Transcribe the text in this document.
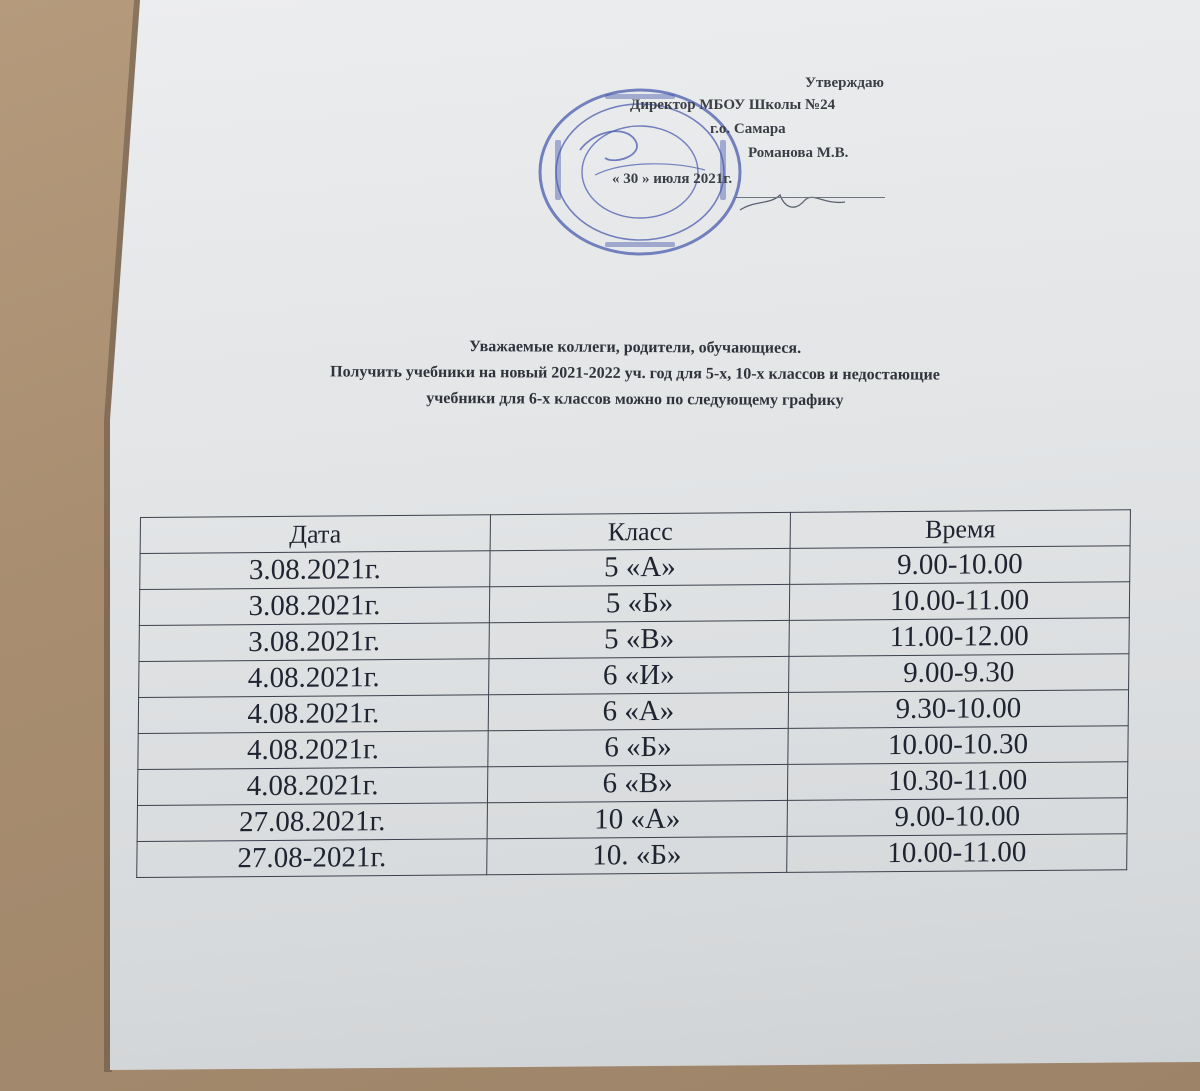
Утверждаю
Директор МБОУ Школы №24
г.о. Самара
Романова М.В.
« 30 » июля 2021г.
Уважаемые коллеги, родители, обучающиеся.
Получить учебники на новый 2021-2022 уч. год для 5-х, 10-х классов и недостающие
учебники для 6-х классов можно по следующему графику
Дата	Класс	Время
3.08.2021г.	5 «А»	9.00-10.00
3.08.2021г.	5 «Б»	10.00-11.00
3.08.2021г.	5 «В»	11.00-12.00
4.08.2021г.	6 «И»	9.00-9.30
4.08.2021г.	6 «А»	9.30-10.00
4.08.2021г.	6 «Б»	10.00-10.30
4.08.2021г.	6 «В»	10.30-11.00
27.08.2021г.	10 «А»	9.00-10.00
27.08-2021г.	10. «Б»	10.00-11.00
